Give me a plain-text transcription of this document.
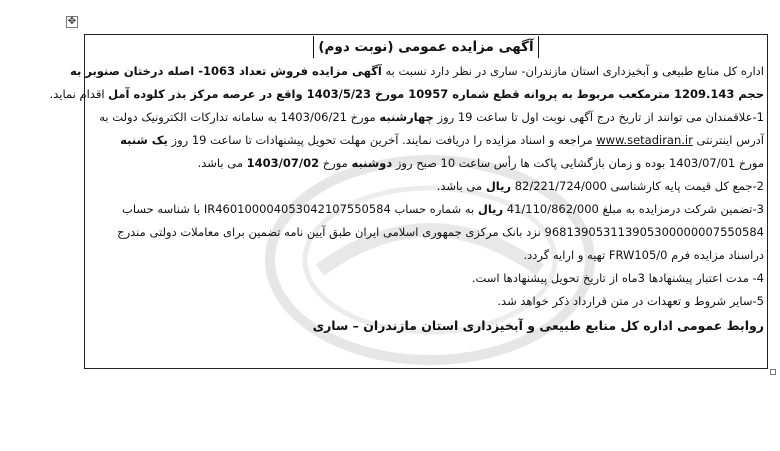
✥
آگهی مزایده عمومی (نوبت دوم)
اداره کل منابع طبیعی و آبخیزداری استان مازندران- ساری در نظر دارد نسبت به آگهی مزایده فروش تعداد 1063- اصله درختان صنوبر به
حجم 1209.143 مترمکعب مربوط به پروانه قطع شماره 10957 مورخ 1403/5/23 واقع در عرصه مرکز بذر کلوده آمل اقدام نماید.
1-علاقمندان می توانند از تاریخ درج آگهی نوبت اول تا ساعت 19 روز چهارشنبه مورخ 1403/06/21 به سامانه تدارکات الکترونیک دولت به
آدرس اینترنتی www.setadiran.ir مراجعه و اسناد مزایده را دریافت نمایند. آخرین مهلت تحویل پیشنهادات تا ساعت 19 روز یک شنبه
مورخ 1403/07/01 بوده و زمان بازگشایی پاکت ها رأس ساعت 10 صبح روز دوشنبه مورخ 1403/07/02 می باشد.
2-جمع کل قیمت پایه کارشناسی 82/221/724/000 ریال می باشد.
3-تضمین شرکت درمزایده به مبلغ 41/110/862/000 ریال به شماره حساب IR460100004053042107550584 با شناسه حساب
968139053113905300000007550584 نزد بانک مرکزی جمهوری اسلامی ایران طبق آیین نامه تضمین برای معاملات دولتی مندرج
دراسناد مزایده فرم FRW105/0 تهیه و ارایه گردد.
4- مدت اعتبار پیشنهادها 3ماه از تاریخ تحویل پیشنهادها است.
5-سایر شروط و تعهدات در متن قرارداد ذکر خواهد شد.
روابط عمومی اداره کل منابع طبیعی و آبخیزداری استان مازندران – ساری
